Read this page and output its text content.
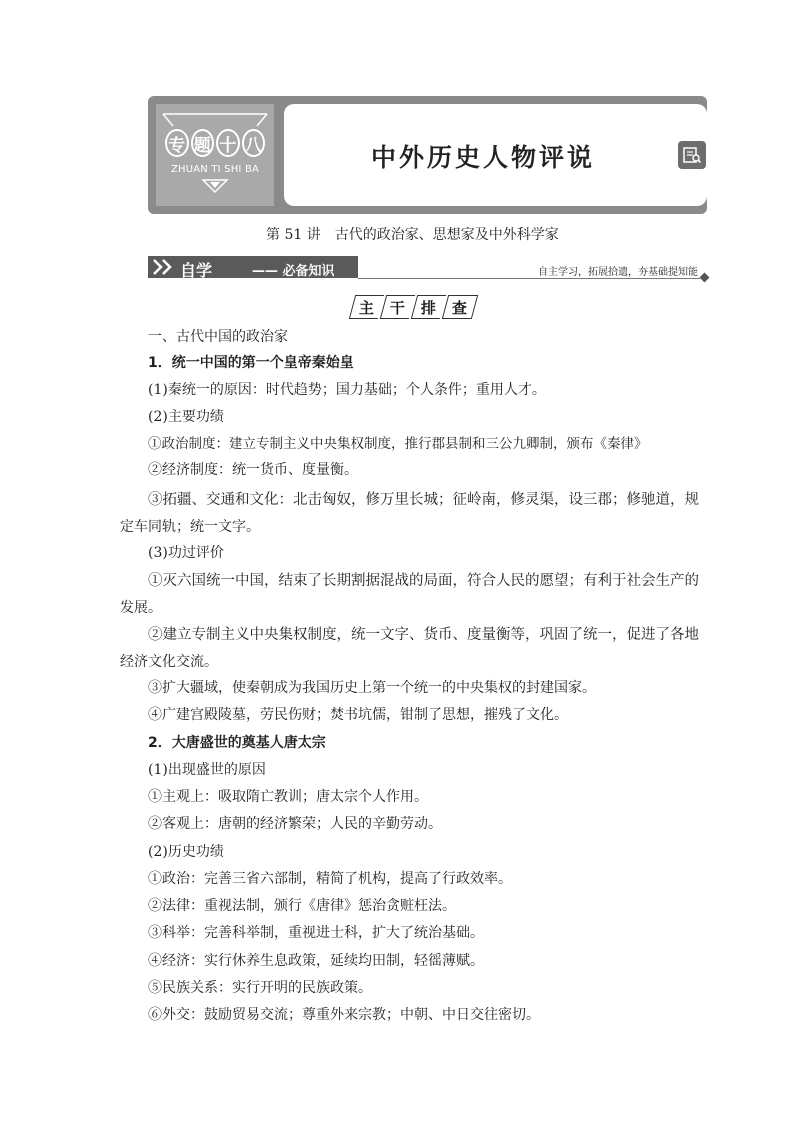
专 题 十 八
ZHUAN TI SHI BA	中外历史人物评说
第 51 讲　古代的政治家、思想家及中外科学家
自学	—— 必备知识	自主学习，拓展拾遗，夯基础提知能
主 干 排 查
一、古代中国的政治家
1．统一中国的第一个皇帝秦始皇
(1)秦统一的原因：时代趋势；国力基础；个人条件；重用人才。
(2)主要功绩
①政治制度：建立专制主义中央集权制度，推行郡县制和三公九卿制，颁布《秦律》
②经济制度：统一货币、度量衡。
③拓疆、交通和文化：北击匈奴，修万里长城；征岭南，修灵渠，设三郡；修驰道，规
定车同轨；统一文字。
(3)功过评价
①灭六国统一中国，结束了长期割据混战的局面，符合人民的愿望；有利于社会生产的
发展。
②建立专制主义中央集权制度，统一文字、货币、度量衡等，巩固了统一，促进了各地
经济文化交流。
③扩大疆域，使秦朝成为我国历史上第一个统一的中央集权的封建国家。
④广建宫殿陵墓，劳民伤财；焚书坑儒，钳制了思想，摧残了文化。
2．大唐盛世的奠基人唐太宗
(1)出现盛世的原因
①主观上：吸取隋亡教训；唐太宗个人作用。
②客观上：唐朝的经济繁荣；人民的辛勤劳动。
(2)历史功绩
①政治：完善三省六部制，精简了机构，提高了行政效率。
②法律：重视法制，颁行《唐律》惩治贪赃枉法。
③科举：完善科举制，重视进士科，扩大了统治基础。
④经济：实行休养生息政策，延续均田制，轻徭薄赋。
⑤民族关系：实行开明的民族政策。
⑥外交：鼓励贸易交流；尊重外来宗教；中朝、中日交往密切。
